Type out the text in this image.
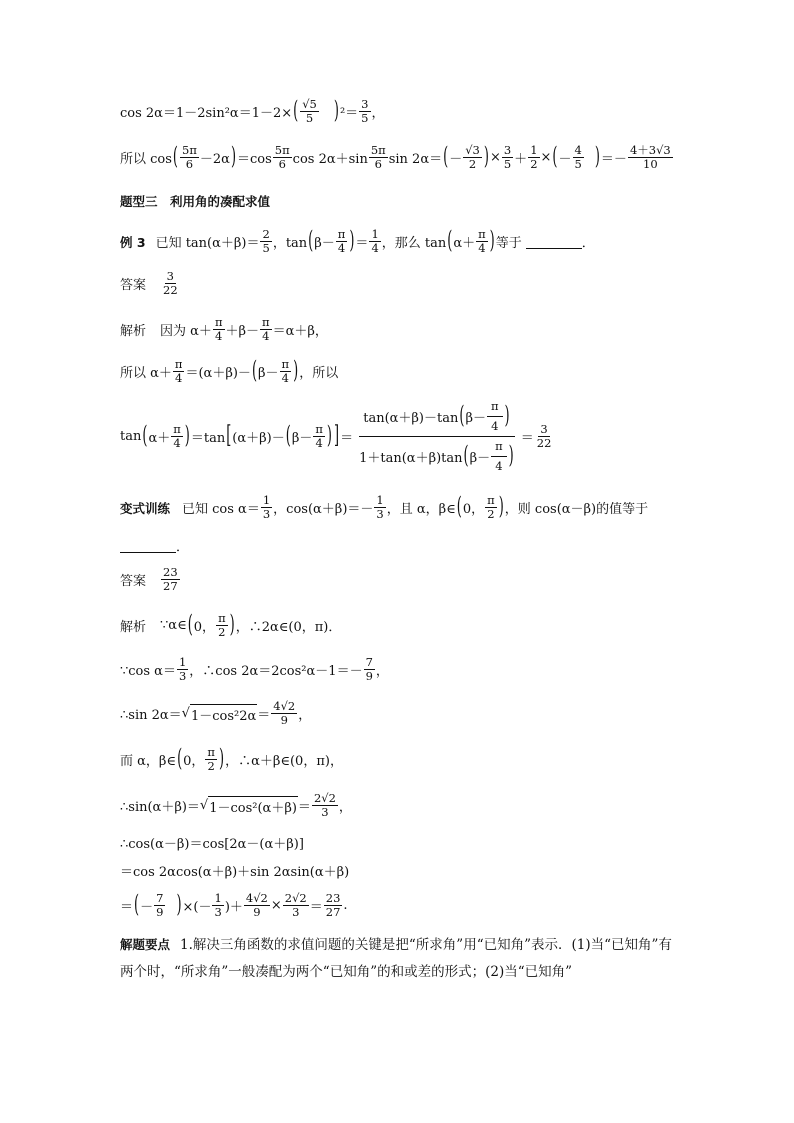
cos 2α＝1－2sin²α＝1－2× ( $\frac{√5}{5}$ ) $^2= \frac{3}{5}$ ，
所以 cos ( $\frac{5\pi}{6} -2\alpha$ ) $=\cos \frac{5\pi}{6}$ $\cos 2\alpha+\sin \frac{5\pi}{6}$ sin 2α＝ ( － $\frac{√3}{2}$ ) × $\frac{3}{5} + \frac{1}{2}$ × ( － $\frac{4}{5}$ ) ＝－ $\frac{4+3√3}{10}$
题型三　利用角的凑配求值
例 3 已知 $\tan(\alpha+\beta)= \frac{2}{5}$ ，tan ( $\beta- \frac{\pi}{4}$ ) ＝ $\frac{1}{4}$ ，那么 tan ( $\alpha+ \frac{\pi}{4}$ ) 等于	．
答案 $\frac{3}{22}$
解析 因为 $\alpha+ \frac{\pi}{4} +\beta- \frac{\pi}{4} =\alpha+\beta$，
所以 $\alpha+ \frac{\pi}{4} =(\alpha+\beta)-$ ( $\beta- \frac{\pi}{4}$ ) ，所以
tan ( $\alpha+ \frac{\pi}{4}$ ) ＝tan [ (α＋β)－ ( $\beta- \frac{\pi}{4}$ ) ] ＝ $\frac{\tan(\alpha+\beta)-\tan ( \beta- \frac{\pi}{4} )}{1+\tan(\alpha+\beta)\tan ( \beta- \frac{\pi}{4} )} = \frac{3}{22}$
变式训练 已知 $\cos \alpha= \frac{1}{3}$ ，$\cos(\alpha+\beta)=- \frac{1}{3}$ ，且 α，β∈ ( 0， $\frac{\pi}{2}$ ) ，则 cos(α－β)的值等于
．
答案 $\frac{23}{27}$
解析 ∵α∈ ( 0， $\frac{\pi}{2}$ ) ，∴2α∈(0，π)．
∵cos $\alpha= \frac{1}{3}$ ，∴cos $2\alpha=2\cos^2\alpha-1=- \frac{7}{9}$ ，
∴sin 2α＝ √ $1-\cos^22\alpha = \frac{4√2}{9}$ ，
而 α，β∈ ( 0， $\frac{\pi}{2}$ ) ，∴α＋β∈(0，π)，
∴sin(α＋β)＝ √ $1-\cos^2(\alpha+\beta) = \frac{2√2}{3}$ ，
∴cos(α－β)＝cos[2α－(α＋β)]
＝cos 2αcos(α＋β)＋sin 2αsin(α＋β)
＝ ( － $\frac{7}{9}$ ) ×(－ $\frac{1}{3}$ )＋ $\frac{4√2}{9} \times \frac{2√2}{3} = \frac{23}{27}$ .
解题要点 1.解决三角函数的求值问题的关键是把“所求角”用“已知角”表示．(1)当“已知角”有两个时，“所求角”一般凑配为两个“已知角”的和或差的形式；(2)当“已知角”
